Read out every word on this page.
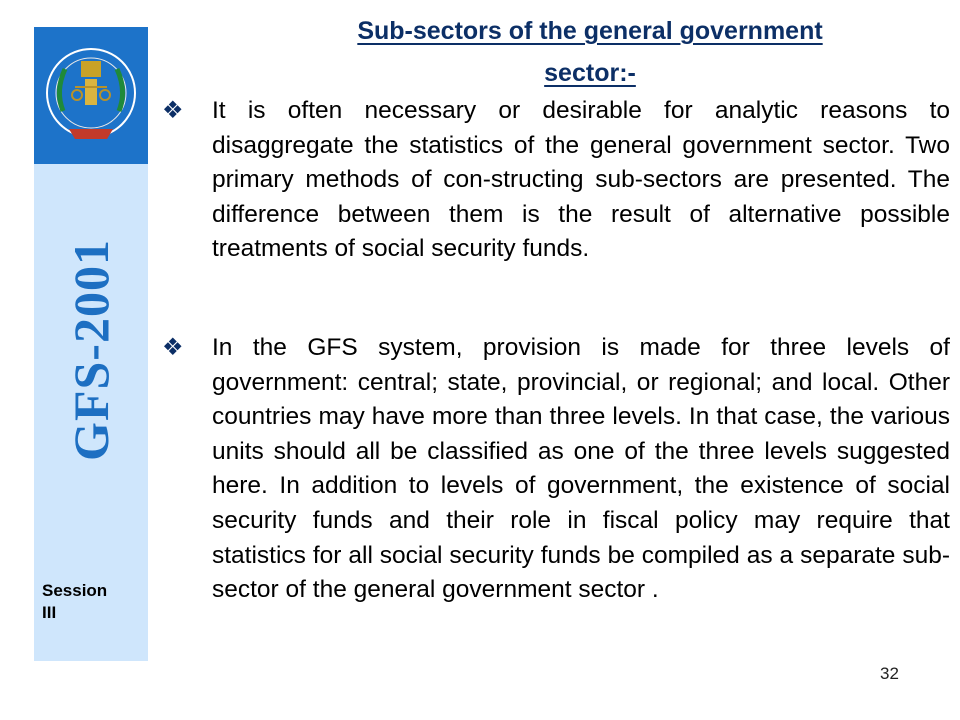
GFS-2001
Session
III
Sub-sectors of the general government
sector:-
❖ It is often necessary or desirable for analytic reasons to disaggregate the statistics of the general government sector. Two primary methods of con-structing sub-sectors are presented. The difference between them is the result of alternative possible treatments of social security funds.
❖ In the GFS system, provision is made for three levels of government: central; state, provincial, or regional; and local. Other countries may have more than three levels. In that case, the various units should all be classified as one of the three levels suggested here. In addition to levels of government, the existence of social security funds and their role in fiscal policy may require that statistics for all social security funds be compiled as a separate sub-sector of the general government sector .
32
